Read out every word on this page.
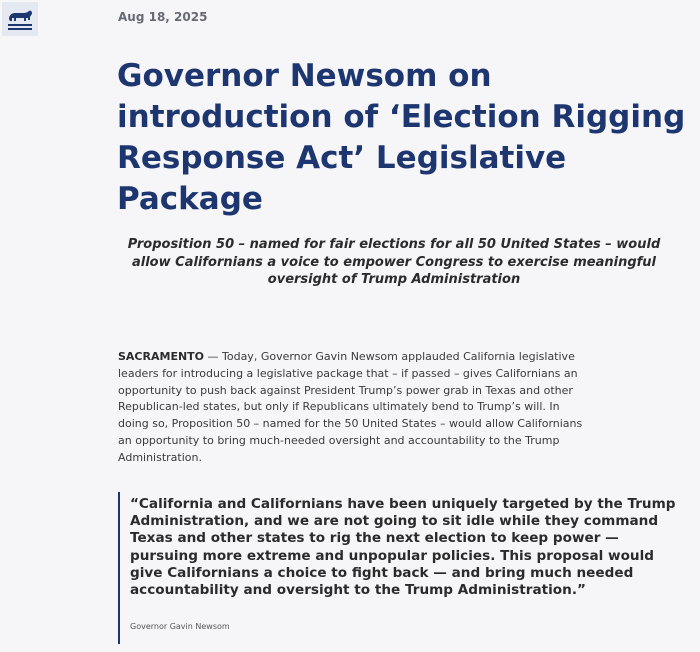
Aug 18, 2025
Governor Newsom on introduction of ‘Election Rigging Response Act’ Legislative Package

Proposition 50 – named for fair elections for all 50 United States – would allow Californians a voice to empower Congress to exercise meaningful oversight of Trump Administration

SACRAMENTO — Today, Governor Gavin Newsom applauded California legislative leaders for introducing a legislative package that – if passed – gives Californians an opportunity to push back against President Trump’s power grab in Texas and other Republican-led states, but only if Republicans ultimately bend to Trump’s will. In doing so, Proposition 50 – named for the 50 United States – would allow Californians an opportunity to bring much-needed oversight and accountability to the Trump Administration.

“California and Californians have been uniquely targeted by the Trump Administration, and we are not going to sit idle while they command Texas and other states to rig the next election to keep power — pursuing more extreme and unpopular policies. This proposal would give Californians a choice to fight back — and bring much needed accountability and oversight to the Trump Administration.”

Governor Gavin Newsom
